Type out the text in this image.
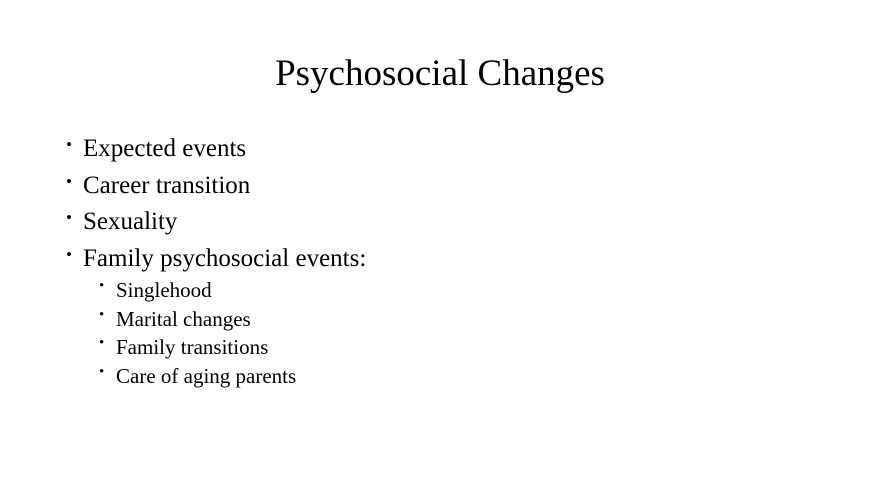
Psychosocial Changes
• Expected events
• Career transition
• Sexuality
• Family psychosocial events:
• Singlehood
• Marital changes
• Family transitions
• Care of aging parents
